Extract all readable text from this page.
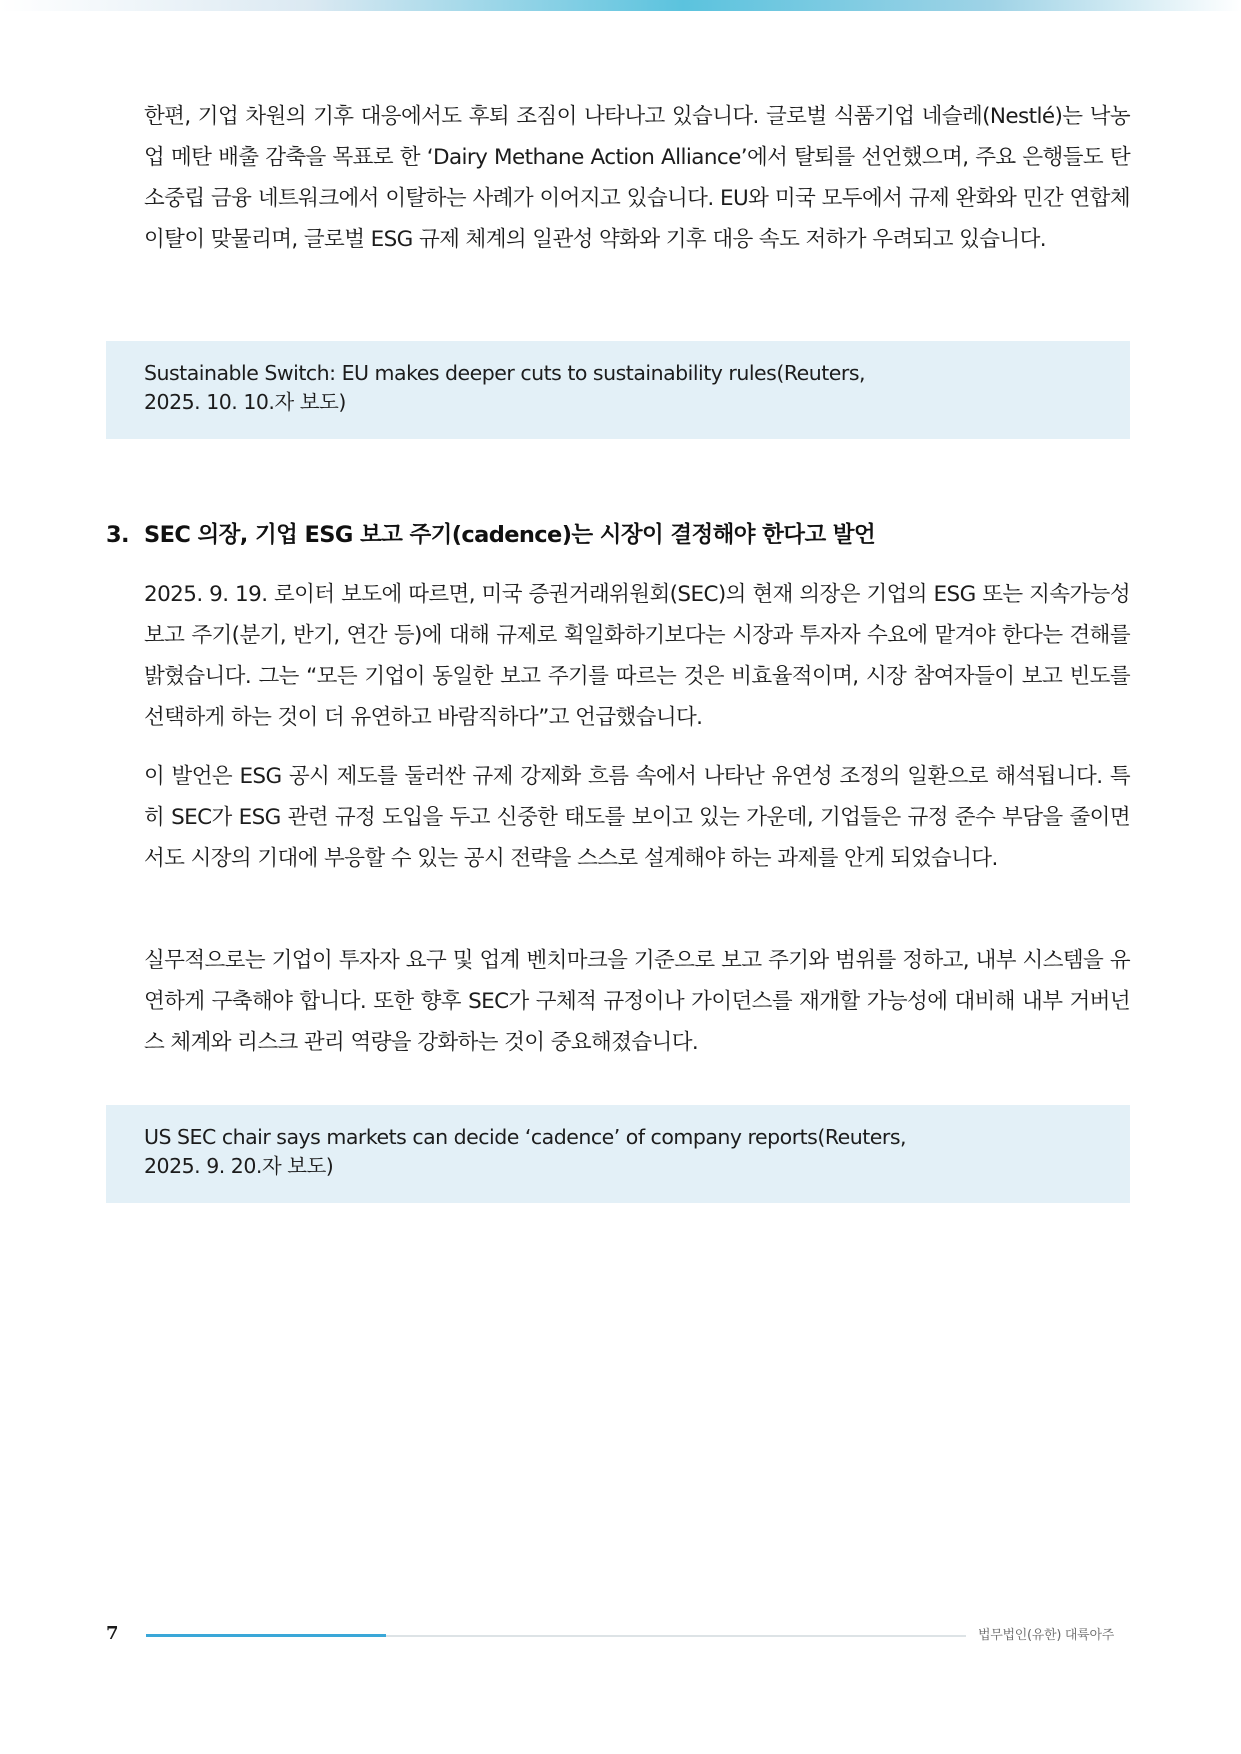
한편, 기업 차원의 기후 대응에서도 후퇴 조짐이 나타나고 있습니다. 글로벌 식품기업 네슬레(Nestlé)는 낙농업 메탄 배출 감축을 목표로 한 ‘Dairy Methane Action Alliance’에서 탈퇴를 선언했으며, 주요 은행들도 탄소중립 금융 네트워크에서 이탈하는 사례가 이어지고 있습니다. EU와 미국 모두에서 규제 완화와 민간 연합체 이탈이 맞물리며, 글로벌 ESG 규제 체계의 일관성 약화와 기후 대응 속도 저하가 우려되고 있습니다.

Sustainable Switch: EU makes deeper cuts to sustainability rules(Reuters,
2025. 10. 10.자 보도)

3. SEC 의장, 기업 ESG 보고 주기(cadence)는 시장이 결정해야 한다고 발언

2025. 9. 19. 로이터 보도에 따르면, 미국 증권거래위원회(SEC)의 현재 의장은 기업의 ESG 또는 지속가능성 보고 주기(분기, 반기, 연간 등)에 대해 규제로 획일화하기보다는 시장과 투자자 수요에 맡겨야 한다는 견해를 밝혔습니다. 그는 “모든 기업이 동일한 보고 주기를 따르는 것은 비효율적이며, 시장 참여자들이 보고 빈도를 선택하게 하는 것이 더 유연하고 바람직하다”고 언급했습니다.

이 발언은 ESG 공시 제도를 둘러싼 규제 강제화 흐름 속에서 나타난 유연성 조정의 일환으로 해석됩니다. 특히 SEC가 ESG 관련 규정 도입을 두고 신중한 태도를 보이고 있는 가운데, 기업들은 규정 준수 부담을 줄이면서도 시장의 기대에 부응할 수 있는 공시 전략을 스스로 설계해야 하는 과제를 안게 되었습니다.

실무적으로는 기업이 투자자 요구 및 업계 벤치마크을 기준으로 보고 주기와 범위를 정하고, 내부 시스템을 유연하게 구축해야 합니다. 또한 향후 SEC가 구체적 규정이나 가이던스를 재개할 가능성에 대비해 내부 거버넌스 체계와 리스크 관리 역량을 강화하는 것이 중요해졌습니다.

US SEC chair says markets can decide ‘cadence’ of company reports(Reuters,
2025. 9. 20.자 보도)

7	법무법인(유한) 대륙아주
